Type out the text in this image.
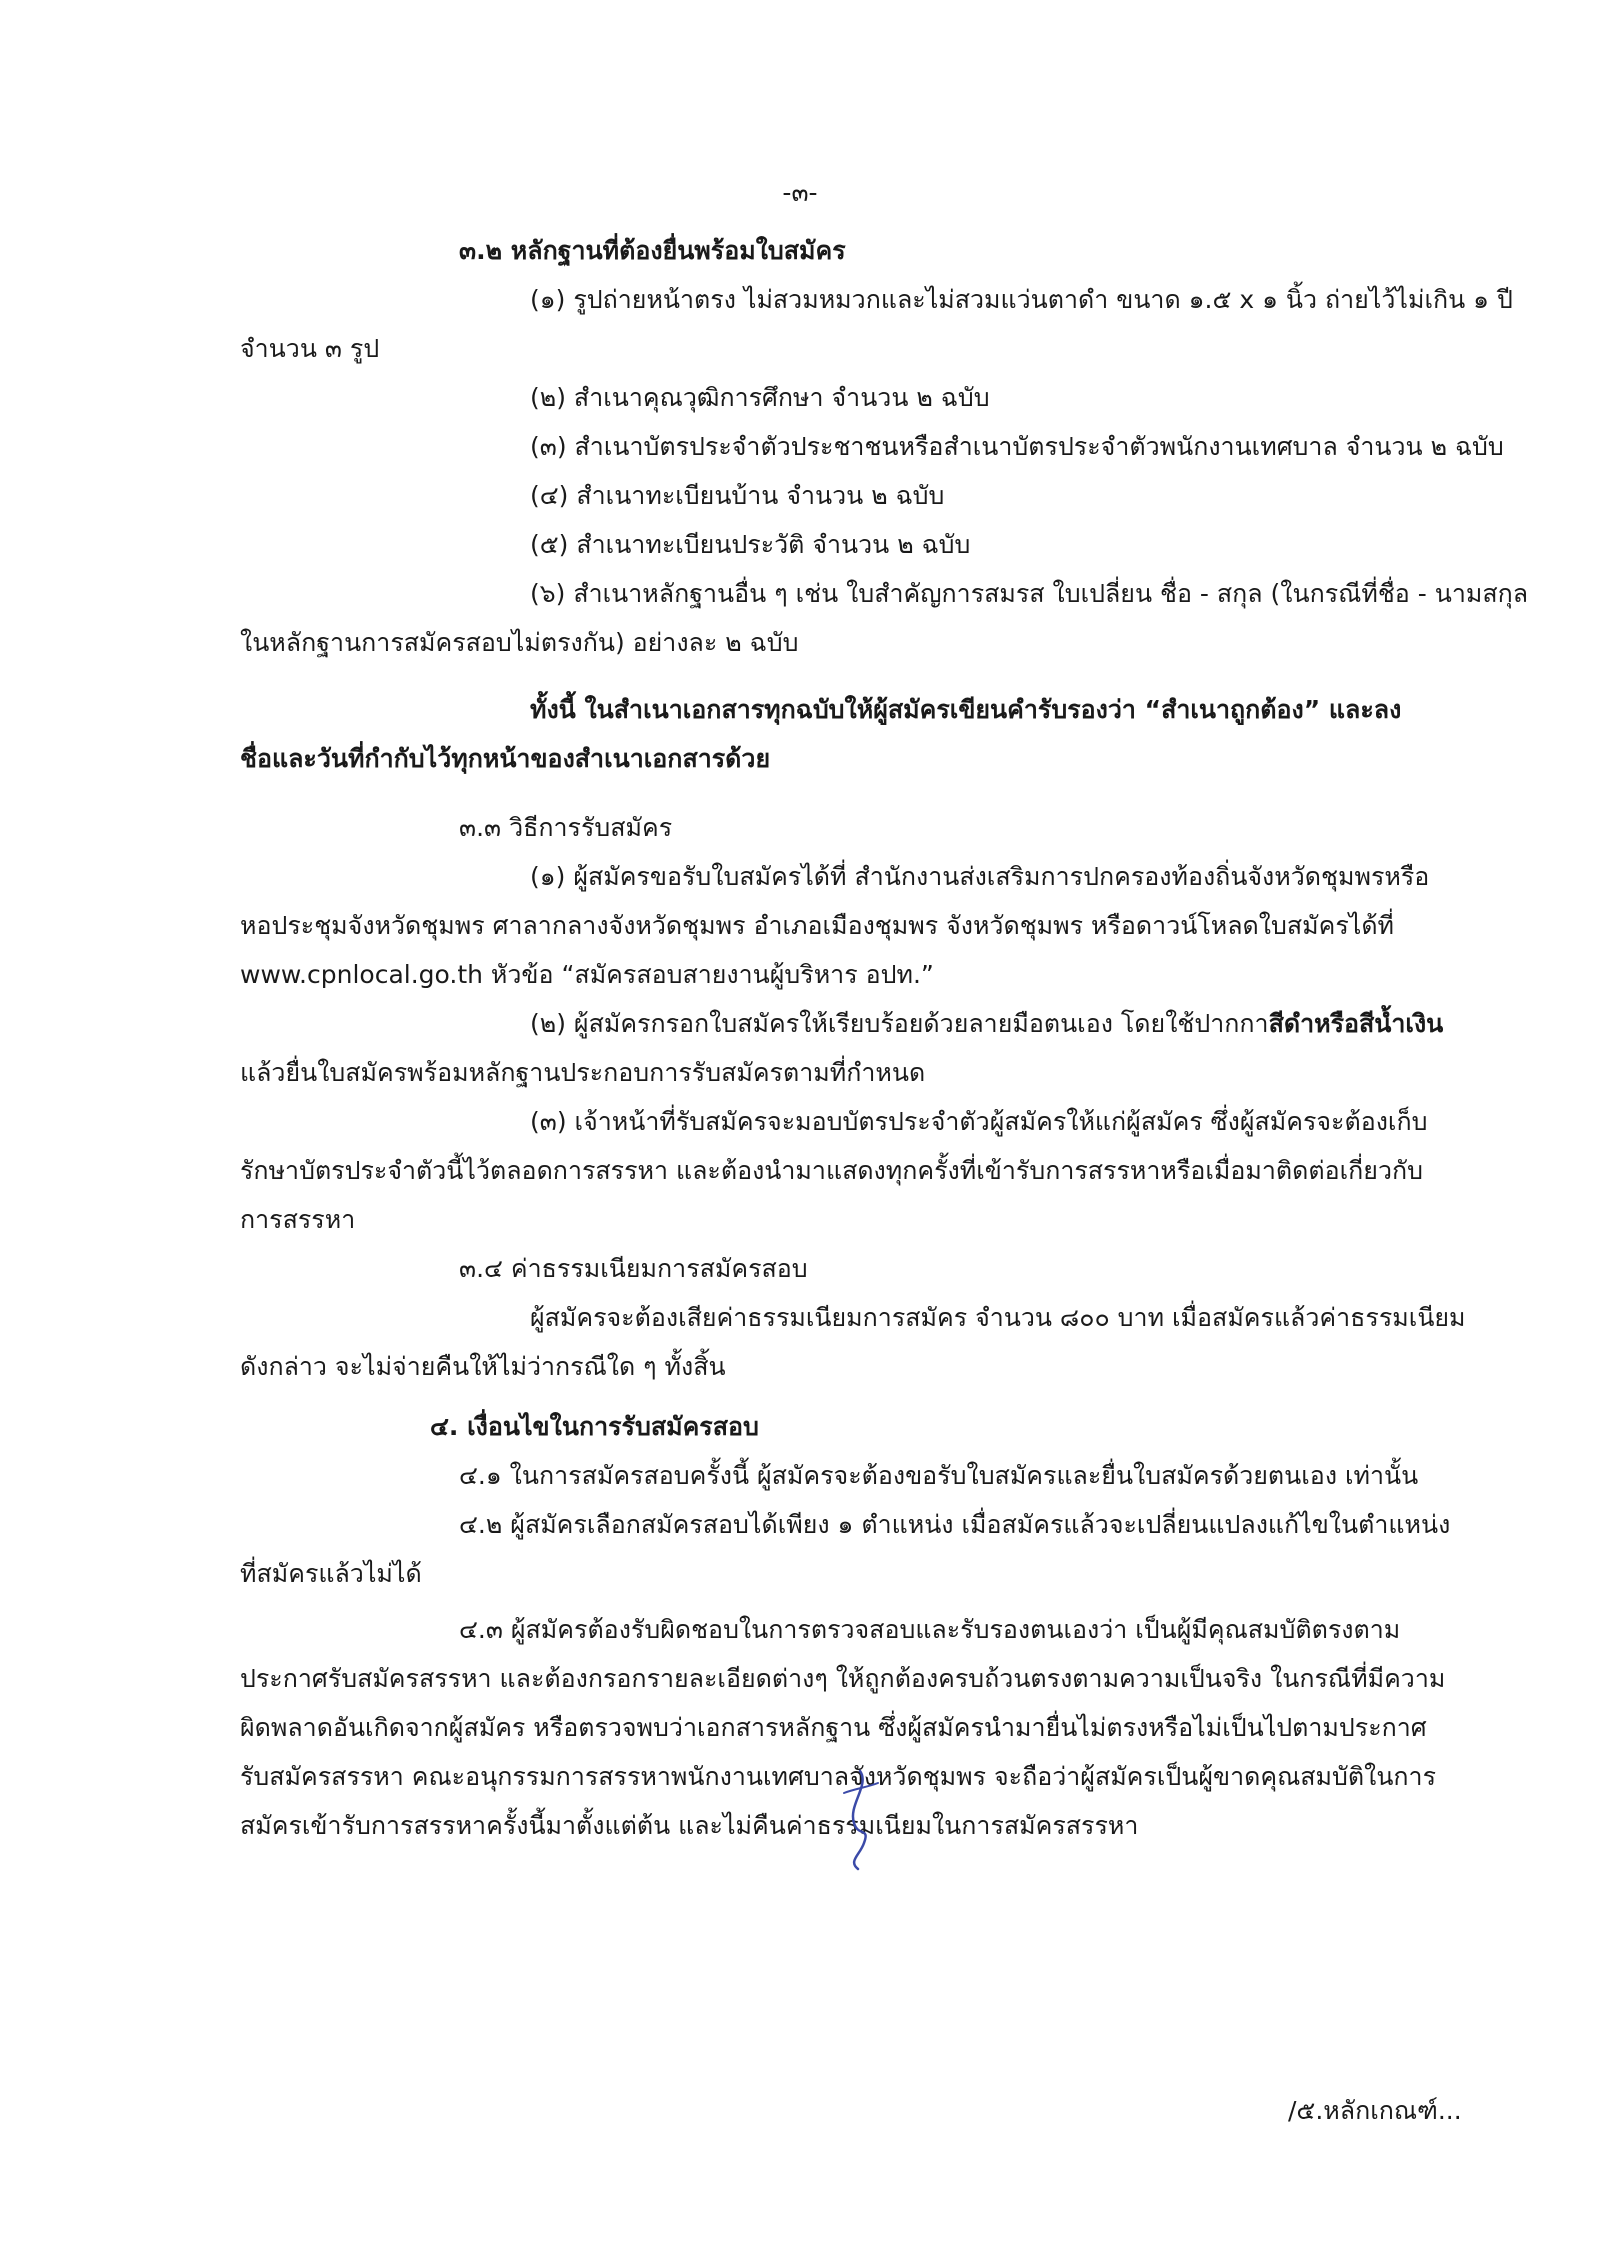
-๓-
๓.๒ หลักฐานที่ต้องยื่นพร้อมใบสมัคร
(๑) รูปถ่ายหน้าตรง ไม่สวมหมวกและไม่สวมแว่นตาดำ ขนาด ๑.๕ x ๑ นิ้ว ถ่ายไว้ไม่เกิน ๑ ปี
จำนวน ๓ รูป
(๒) สำเนาคุณวุฒิการศึกษา จำนวน ๒ ฉบับ
(๓) สำเนาบัตรประจำตัวประชาชนหรือสำเนาบัตรประจำตัวพนักงานเทศบาล จำนวน ๒ ฉบับ
(๔) สำเนาทะเบียนบ้าน จำนวน ๒ ฉบับ
(๕) สำเนาทะเบียนประวัติ จำนวน ๒ ฉบับ
(๖) สำเนาหลักฐานอื่น ๆ เช่น ใบสำคัญการสมรส ใบเปลี่ยน ชื่อ - สกุล (ในกรณีที่ชื่อ - นามสกุล
ในหลักฐานการสมัครสอบไม่ตรงกัน) อย่างละ ๒ ฉบับ
ทั้งนี้ ในสำเนาเอกสารทุกฉบับให้ผู้สมัครเขียนคำรับรองว่า “สำเนาถูกต้อง” และลง
ชื่อและวันที่กำกับไว้ทุกหน้าของสำเนาเอกสารด้วย
๓.๓ วิธีการรับสมัคร
(๑) ผู้สมัครขอรับใบสมัครได้ที่ สำนักงานส่งเสริมการปกครองท้องถิ่นจังหวัดชุมพรหรือ
หอประชุมจังหวัดชุมพร ศาลากลางจังหวัดชุมพร อำเภอเมืองชุมพร จังหวัดชุมพร หรือดาวน์โหลดใบสมัครได้ที่
www.cpnlocal.go.th หัวข้อ “สมัครสอบสายงานผู้บริหาร อปท.”
(๒) ผู้สมัครกรอกใบสมัครให้เรียบร้อยด้วยลายมือตนเอง โดยใช้ปากกาสีดำหรือสีน้ำเงิน
แล้วยื่นใบสมัครพร้อมหลักฐานประกอบการรับสมัครตามที่กำหนด
(๓) เจ้าหน้าที่รับสมัครจะมอบบัตรประจำตัวผู้สมัครให้แก่ผู้สมัคร ซึ่งผู้สมัครจะต้องเก็บ
รักษาบัตรประจำตัวนี้ไว้ตลอดการสรรหา และต้องนำมาแสดงทุกครั้งที่เข้ารับการสรรหาหรือเมื่อมาติดต่อเกี่ยวกับ
การสรรหา
๓.๔ ค่าธรรมเนียมการสมัครสอบ
ผู้สมัครจะต้องเสียค่าธรรมเนียมการสมัคร จำนวน ๘๐๐ บาท เมื่อสมัครแล้วค่าธรรมเนียม
ดังกล่าว จะไม่จ่ายคืนให้ไม่ว่ากรณีใด ๆ ทั้งสิ้น
๔. เงื่อนไขในการรับสมัครสอบ
๔.๑ ในการสมัครสอบครั้งนี้ ผู้สมัครจะต้องขอรับใบสมัครและยื่นใบสมัครด้วยตนเอง เท่านั้น
๔.๒ ผู้สมัครเลือกสมัครสอบได้เพียง ๑ ตำแหน่ง เมื่อสมัครแล้วจะเปลี่ยนแปลงแก้ไขในตำแหน่ง
ที่สมัครแล้วไม่ได้
๔.๓ ผู้สมัครต้องรับผิดชอบในการตรวจสอบและรับรองตนเองว่า เป็นผู้มีคุณสมบัติตรงตาม
ประกาศรับสมัครสรรหา และต้องกรอกรายละเอียดต่างๆ ให้ถูกต้องครบถ้วนตรงตามความเป็นจริง ในกรณีที่มีความ
ผิดพลาดอันเกิดจากผู้สมัคร หรือตรวจพบว่าเอกสารหลักฐาน ซึ่งผู้สมัครนำมายื่นไม่ตรงหรือไม่เป็นไปตามประกาศ
รับสมัครสรรหา คณะอนุกรรมการสรรหาพนักงานเทศบาลจังหวัดชุมพร จะถือว่าผู้สมัครเป็นผู้ขาดคุณสมบัติในการ
สมัครเข้ารับการสรรหาครั้งนี้มาตั้งแต่ต้น และไม่คืนค่าธรรมเนียมในการสมัครสรรหา
/๕.หลักเกณฑ์...
